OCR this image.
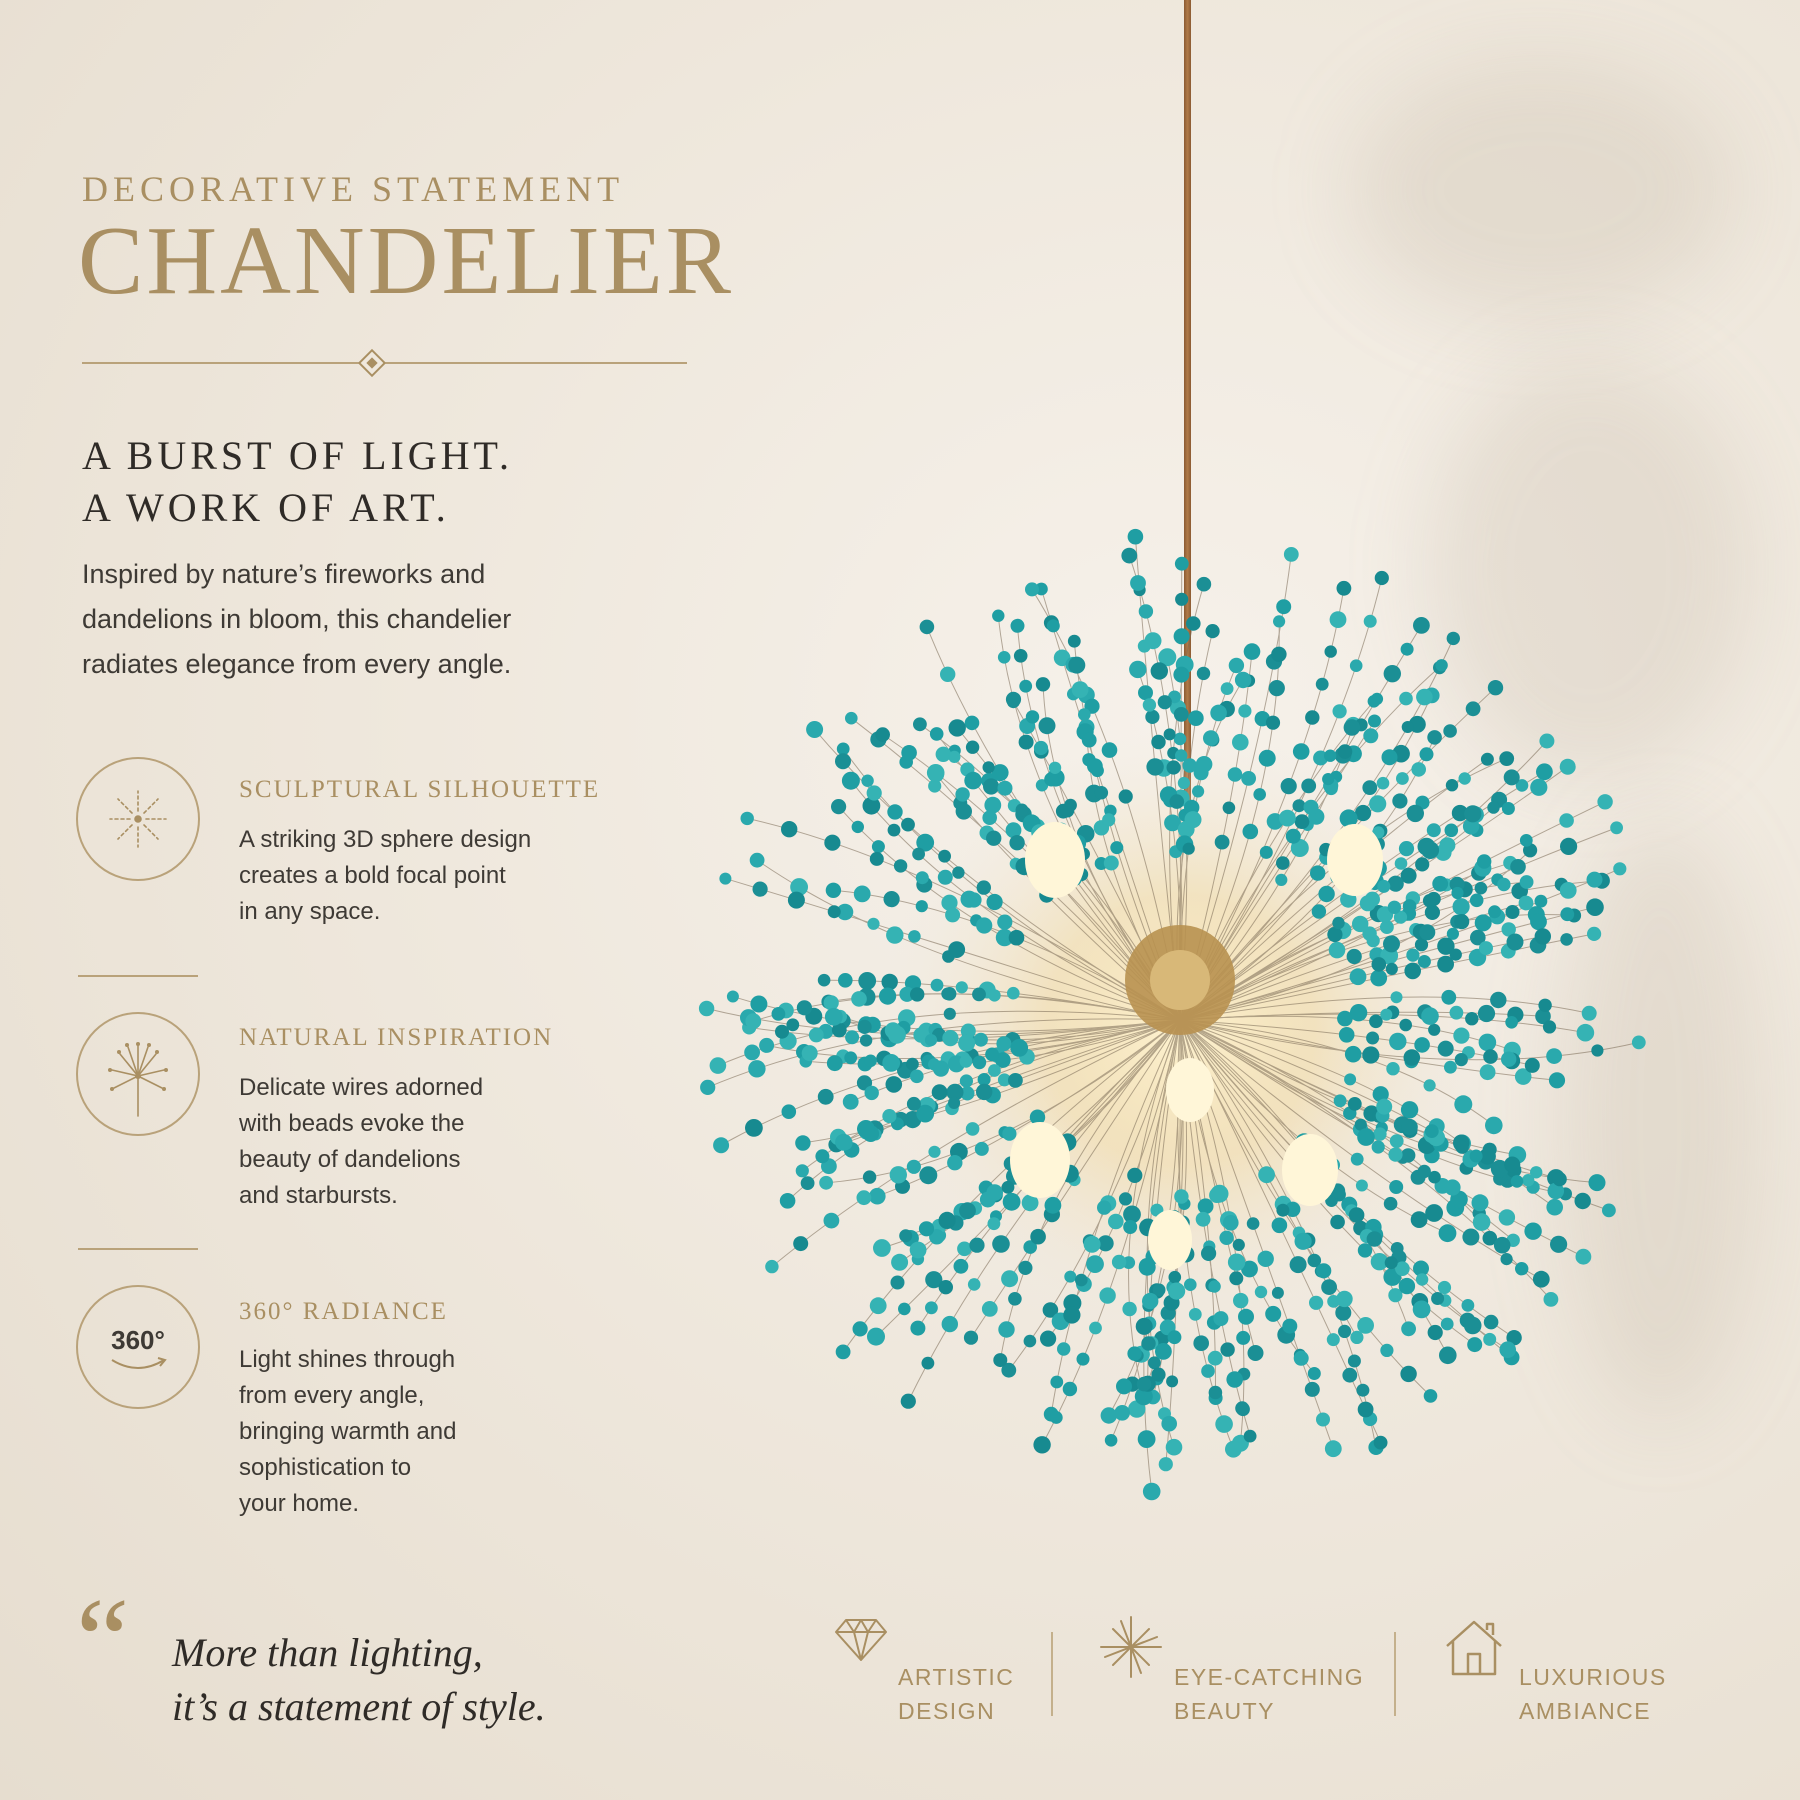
DECORATIVE STATEMENT
CHANDELIER
A BURST OF LIGHT.
A WORK OF ART.
Inspired by nature’s fireworks and
dandelions in bloom, this chandelier
radiates elegance from every angle.
SCULPTURAL SILHOUETTE
A striking 3D sphere design
creates a bold focal point
in any space.
NATURAL INSPIRATION
Delicate wires adorned
with beads evoke the
beauty of dandelions
and starbursts.
360°
360° RADIANCE
Light shines through
from every angle,
bringing warmth and
sophistication to
your home.
“ More than lighting,
it’s a statement of style.
ARTISTIC
DESIGN
EYE-CATCHING
BEAUTY
LUXURIOUS
AMBIANCE
